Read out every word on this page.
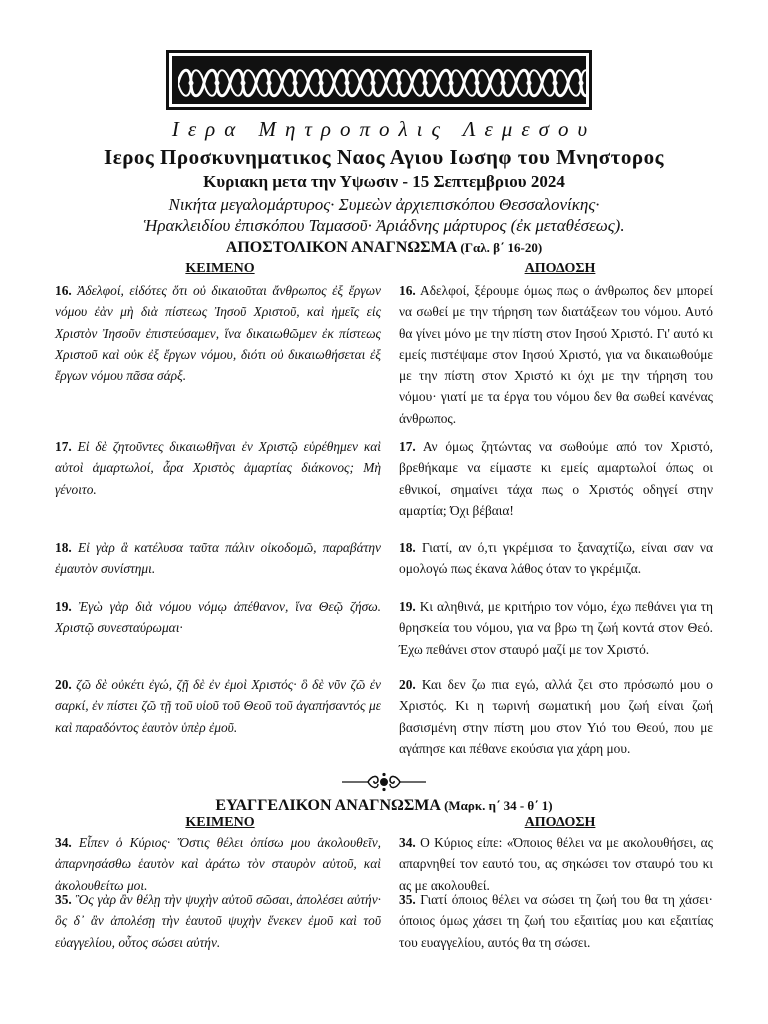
Ιερα Μητροπολις Λεμεσου
Ιερος Προσκυνηματικος Ναος Αγιου Ιωσηφ του Μνηστορος
Κυριακη μετα την Υψωσιν - 15 Σεπτεμβριου 2024
Νικήτα μεγαλομάρτυρος· Συμεὼν ἀρχιεπισκόπου Θεσσαλονίκης·
Ἡρακλειδίου ἐπισκόπου Ταμασοῦ· Ἀριάδνης μάρτυρος (ἐκ μεταθέσεως).
ΑΠΟΣΤΟΛΙΚΟΝ ΑΝΑΓΝΩΣΜΑ (Γαλ. β΄ 16-20)
ΚΕΙΜΕΝΟ	ΑΠΟΔΟΣΗ

16. Ἀδελφοί, εἰδότες ὅτι οὐ δικαιοῦται ἄνθρωπος ἐξ ἔργων νόμου ἐὰν μὴ διὰ πίστεως Ἰησοῦ Χριστοῦ, καὶ ἡμεῖς εἰς Χριστὸν Ἰησοῦν ἐπιστεύσαμεν, ἵνα δικαιωθῶμεν ἐκ πίστεως Χριστοῦ καὶ οὐκ ἐξ ἔργων νόμου, διότι οὐ δικαιωθήσεται ἐξ ἔργων νόμου πᾶσα σάρξ.

17. Εἰ δὲ ζητοῦντες δικαιωθῆναι ἐν Χριστῷ εὑρέθημεν καὶ αὐτοὶ ἁμαρτωλοί, ἆρα Χριστὸς ἁμαρτίας διάκονος; Μὴ γένοιτο.

18. Εἰ γὰρ ἃ κατέλυσα ταῦτα πάλιν οἰκοδομῶ, παραβάτην ἐμαυτὸν συνίστημι.

19. Ἐγὼ γὰρ διὰ νόμου νόμῳ ἀπέθανον, ἵνα Θεῷ ζήσω. Χριστῷ συνεσταύρωμαι·

20. ζῶ δὲ οὐκέτι ἐγώ, ζῇ δὲ ἐν ἐμοὶ Χριστός· ὃ δὲ νῦν ζῶ ἐν σαρκί, ἐν πίστει ζῶ τῇ τοῦ υἱοῦ τοῦ Θεοῦ τοῦ ἀγαπήσαντός με καὶ παραδόντος ἑαυτὸν ὑπὲρ ἐμοῦ.

16. Αδελφοί, ξέρουμε όμως πως ο άνθρωπος δεν μπορεί να σωθεί με την τήρηση των διατάξεων του νόμου. Αυτό θα γίνει μόνο με την πίστη στον Ιησού Χριστό. Γι' αυτό κι εμείς πιστέψαμε στον Ιησού Χριστό, για να δικαιωθούμε με την πίστη στον Χριστό κι όχι με την τήρηση του νόμου· γιατί με τα έργα του νόμου δεν θα σωθεί κανένας άνθρωπος.

17. Αν όμως ζητώντας να σωθούμε από τον Χριστό, βρεθήκαμε να είμαστε κι εμείς αμαρτωλοί όπως οι εθνικοί, σημαίνει τάχα πως ο Χριστός οδηγεί στην αμαρτία; Όχι βέβαια!

18. Γιατί, αν ό,τι γκρέμισα το ξαναχτίζω, είναι σαν να ομολογώ πως έκανα λάθος όταν το γκρέμιζα.

19. Κι αληθινά, με κριτήριο τον νόμο, έχω πεθάνει για τη θρησκεία του νόμου, για να βρω τη ζωή κοντά στον Θεό. Έχω πεθάνει στον σταυρό μαζί με τον Χριστό.

20. Και δεν ζω πια εγώ, αλλά ζει στο πρόσωπό μου ο Χριστός. Κι η τωρινή σωματική μου ζωή είναι ζωή βασισμένη στην πίστη μου στον Υιό του Θεού, που με αγάπησε και πέθανε εκούσια για χάρη μου.

ΕΥΑΓΓΕΛΙΚΟΝ ΑΝΑΓΝΩΣΜΑ (Μαρκ. η΄ 34 - θ΄ 1)
ΚΕΙΜΕΝΟ	ΑΠΟΔΟΣΗ

34. Εἶπεν ὁ Κύριος· Ὅστις θέλει ὀπίσω μου ἀκολουθεῖν, ἀπαρνησάσθω ἑαυτὸν καὶ ἀράτω τὸν σταυρὸν αὐτοῦ, καὶ ἀκολουθείτω μοι.

35. Ὃς γὰρ ἂν θέλῃ τὴν ψυχὴν αὐτοῦ σῶσαι, ἀπολέσει αὐτήν· ὃς δ᾽ ἂν ἀπολέσῃ τὴν ἑαυτοῦ ψυχὴν ἕνεκεν ἐμοῦ καὶ τοῦ εὐαγγελίου, οὗτος σώσει αὐτήν.

34. Ο Κύριος είπε: «Όποιος θέλει να με ακολουθήσει, ας απαρνηθεί τον εαυτό του, ας σηκώσει τον σταυρό του κι ας με ακολουθεί.

35. Γιατί όποιος θέλει να σώσει τη ζωή του θα τη χάσει· όποιος όμως χάσει τη ζωή του εξαιτίας μου και εξαιτίας του ευαγγελίου, αυτός θα τη σώσει.
